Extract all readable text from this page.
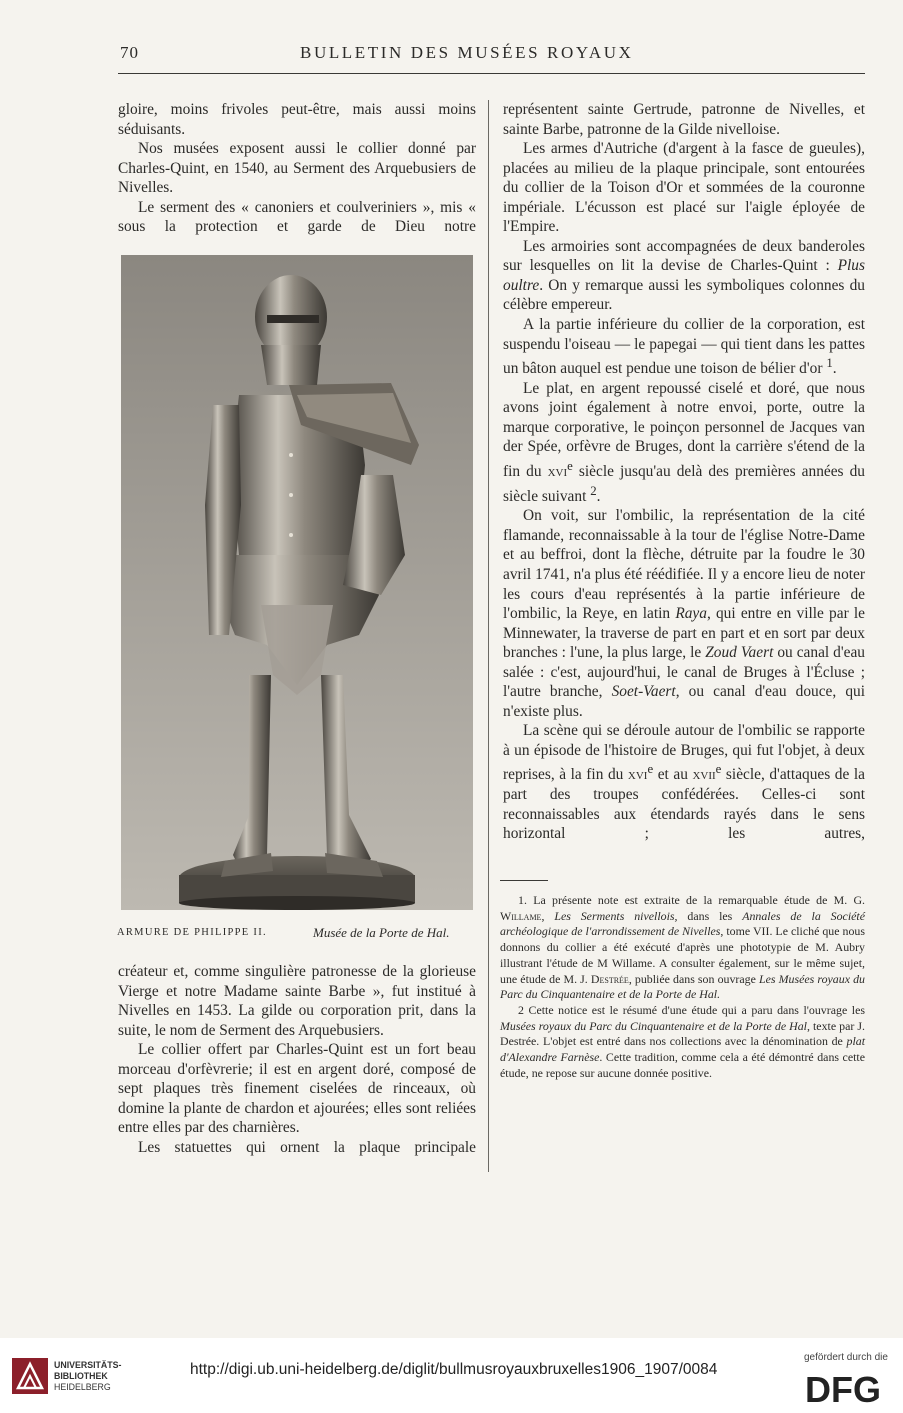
70	BULLETIN DES MUSÉES ROYAUX

gloire, moins frivoles peut-être, mais aussi moins séduisants.

Nos musées exposent aussi le collier donné par Charles-Quint, en 1540, au Serment des Arquebusiers de Nivelles.

Le serment des « canoniers et coulveriniers », mis « sous la protection et garde de Dieu notre

ARMURE DE PHILIPPE II.	Musée de la Porte de Hal.

créateur et, comme singulière patronesse de la glorieuse Vierge et notre Madame sainte Barbe », fut institué à Nivelles en 1453. La gilde ou corporation prit, dans la suite, le nom de Serment des Arquebusiers.

Le collier offert par Charles-Quint est un fort beau morceau d'orfèvrerie; il est en argent doré, composé de sept plaques très finement ciselées de rinceaux, où domine la plante de chardon et ajourées; elles sont reliées entre elles par des charnières.

Les statuettes qui ornent la plaque principale

représentent sainte Gertrude, patronne de Nivelles, et sainte Barbe, patronne de la Gilde nivelloise.

Les armes d'Autriche (d'argent à la fasce de gueules), placées au milieu de la plaque principale, sont entourées du collier de la Toison d'Or et sommées de la couronne impériale. L'écusson est placé sur l'aigle éployée de l'Empire.

Les armoiries sont accompagnées de deux banderoles sur lesquelles on lit la devise de Charles-Quint : Plus oultre. On y remarque aussi les symboliques colonnes du célèbre empereur.

A la partie inférieure du collier de la corporation, est suspendu l'oiseau — le papegai — qui tient dans les pattes un bâton auquel est pendue une toison de bélier d'or $^1$.

Le plat, en argent repoussé ciselé et doré, que nous avons joint également à notre envoi, porte, outre la marque corporative, le poinçon personnel de Jacques van der Spée, orfèvre de Bruges, dont la carrière s'étend de la fin du xvi$^e$ siècle jusqu'au delà des premières années du siècle suivant $^2$.

On voit, sur l'ombilic, la représentation de la cité flamande, reconnaissable à la tour de l'église Notre-Dame et au beffroi, dont la flèche, détruite par la foudre le 30 avril 1741, n'a plus été réédifiée. Il y a encore lieu de noter les cours d'eau représentés à la partie inférieure de l'ombilic, la Reye, en latin Raya, qui entre en ville par le Minnewater, la traverse de part en part et en sort par deux branches : l'une, la plus large, le Zoud Vaert ou canal d'eau salée : c'est, aujourd'hui, le canal de Bruges à l'Écluse ; l'autre branche, Soet-Vaert, ou canal d'eau douce, qui n'existe plus.

La scène qui se déroule autour de l'ombilic se rapporte à un épisode de l'histoire de Bruges, qui fut l'objet, à deux reprises, à la fin du xvi$^e$ et au xvii$^e$ siècle, d'attaques de la part des troupes confédérées. Celles-ci sont reconnaissables aux étendards rayés dans le sens horizontal ; les autres,

1. La présente note est extraite de la remarquable étude de M. G. Willame, Les Serments nivellois, dans les Annales de la Société archéologique de l'arrondissement de Nivelles, tome VII. Le cliché que nous donnons du collier a été exécuté d'après une phototypie de M. Aubry illustrant l'étude de M Willame. A consulter également, sur le même sujet, une étude de M. J. Destrée, publiée dans son ouvrage Les Musées royaux du Parc du Cinquantenaire et de la Porte de Hal.

2 Cette notice est le résumé d'une étude qui a paru dans l'ouvrage les Musées royaux du Parc du Cinquantenaire et de la Porte de Hal, texte par J. Destrée. L'objet est entré dans nos collections avec la dénomination de plat d'Alexandre Farnèse. Cette tradition, comme cela a été démontré dans cette étude, ne repose sur aucune donnée positive.

UNIVERSITÄTS-
BIBLIOTHEK
HEIDELBERG
http://digi.ub.uni-heidelberg.de/diglit/bullmusroyauxbruxelles1906_1907/0084
gefördert durch die
DFG
